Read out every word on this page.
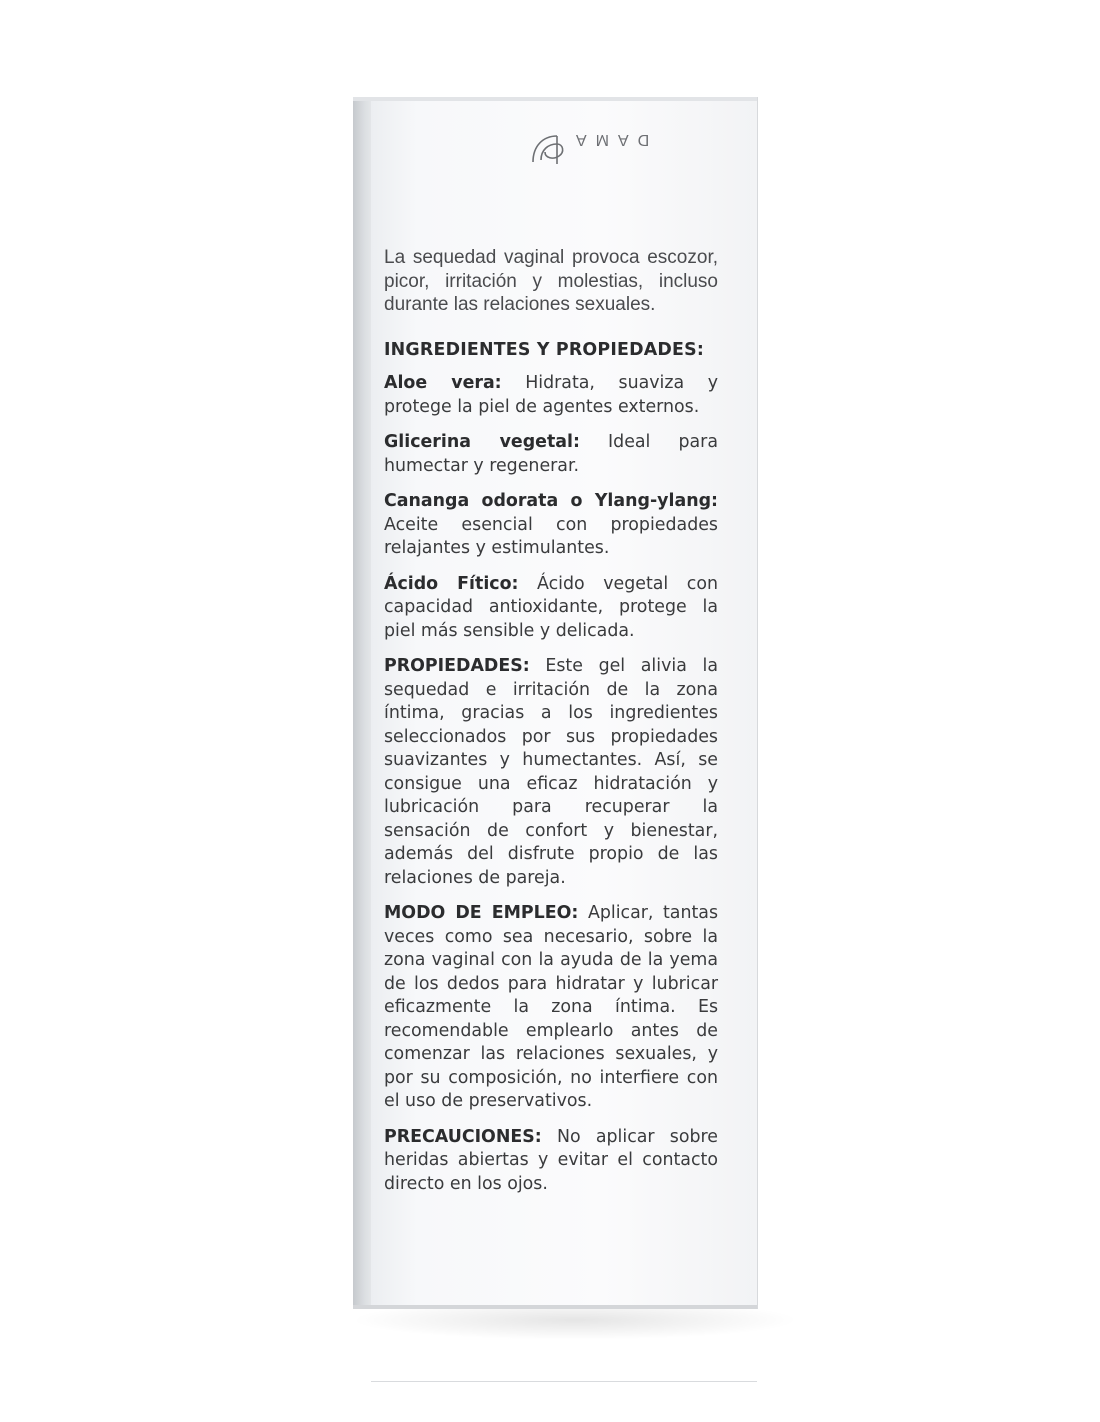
DAMA

La sequedad vaginal provoca escozor, picor, irritación y molestias, incluso durante las relaciones sexuales.

INGREDIENTES Y PROPIEDADES:

Aloe vera: Hidrata, suaviza y protege la piel de agentes externos.

Glicerina vegetal: Ideal para humectar y regenerar.

Cananga odorata o Ylang-ylang: Aceite esencial con propiedades relajantes y estimulantes.

Ácido Fítico: Ácido vegetal con capacidad antioxidante, protege la piel más sensible y delicada.

PROPIEDADES: Este gel alivia la sequedad e irritación de la zona íntima, gracias a los ingredientes seleccionados por sus propiedades suavizantes y humectantes. Así, se consigue una eficaz hidratación y lubricación para recuperar la sensación de confort y bienestar, además del disfrute propio de las relaciones de pareja.

MODO DE EMPLEO: Aplicar, tantas veces como sea necesario, sobre la zona vaginal con la ayuda de la yema de los dedos para hidratar y lubricar eficazmente la zona íntima. Es recomendable emplearlo antes de comenzar las relaciones sexuales, y por su composición, no interfiere con el uso de preservativos.

PRECAUCIONES: No aplicar sobre heridas abiertas y evitar el contacto directo en los ojos.
